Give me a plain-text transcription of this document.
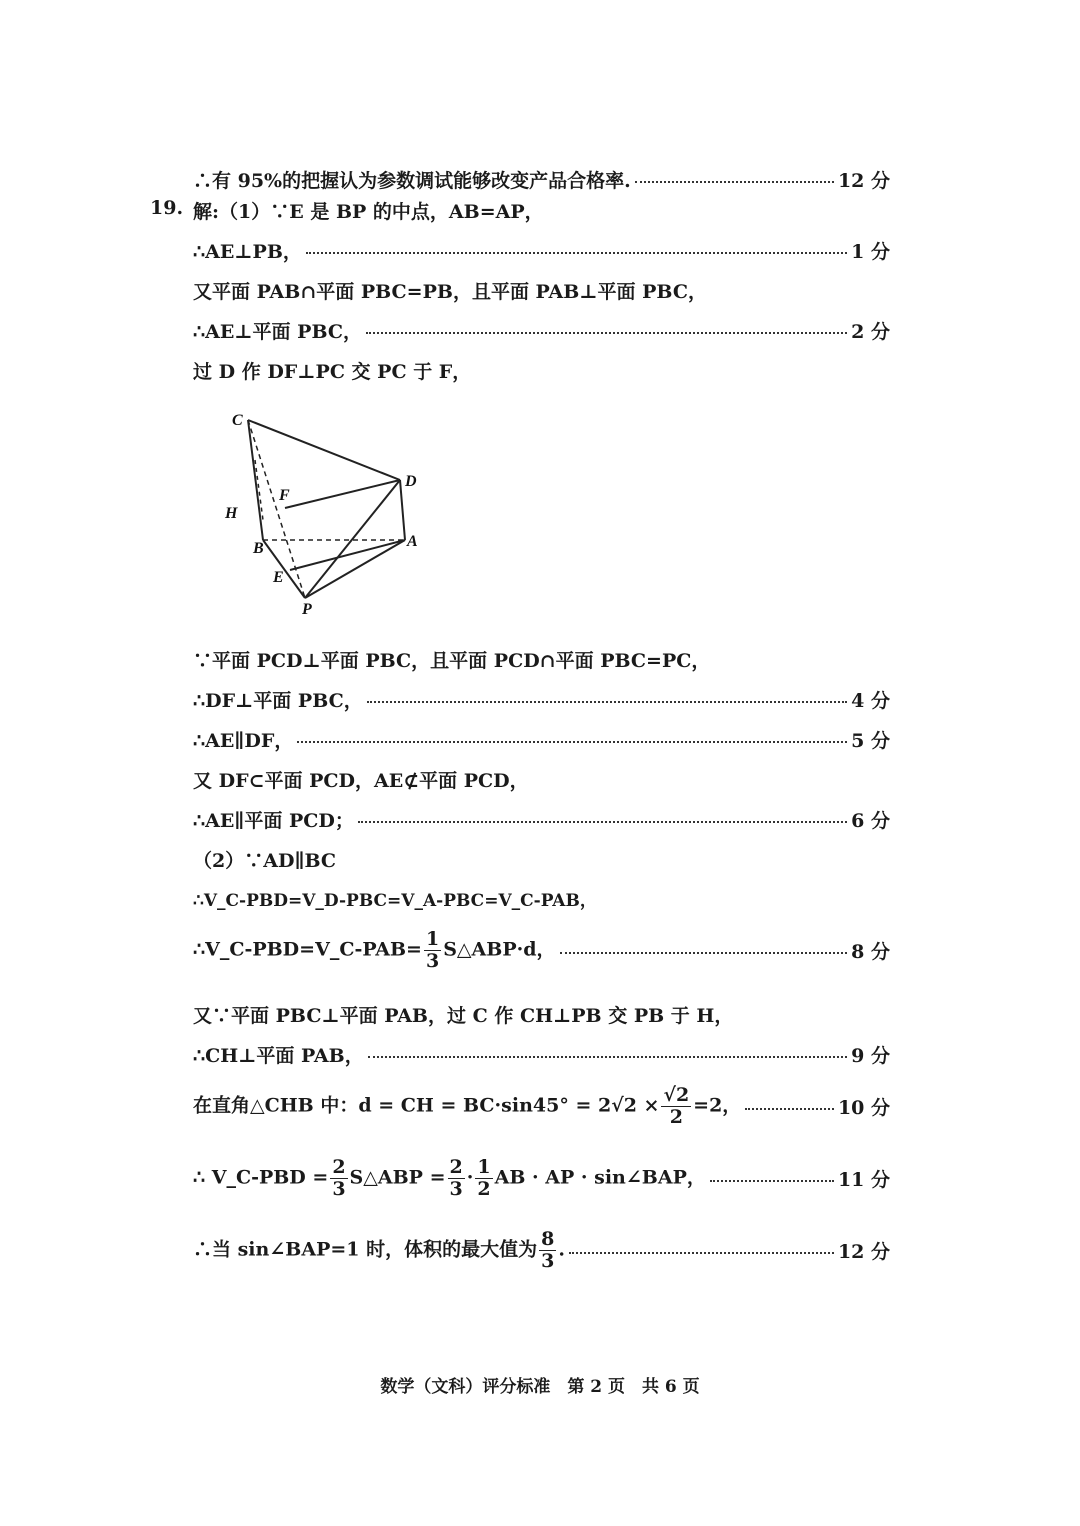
∴有 95%的把握认为参数调试能够改变产品合格率.	12 分
19. 解:（1）∵E 是 BP 的中点，AB=AP，
∴AE⊥PB，	1 分
又平面 PAB∩平面 PBC=PB，且平面 PAB⊥平面 PBC，
∴AE⊥平面 PBC，	2 分
过 D 作 DF⊥PC 交 PC 于 F，
C
D
H
F
B	A
E
P
∵平面 PCD⊥平面 PBC，且平面 PCD∩平面 PBC=PC，
∴DF⊥平面 PBC，	4 分
∴AE∥DF，	5 分
又 DF⊂平面 PCD，AE⊄平面 PCD，
∴AE∥平面 PCD；	6 分
（2）∵AD∥BC
∴V_C-PBD=V_D-PBC=V_A-PBC=V_C-PAB，
∴V_C-PBD=V_C-PAB= $\frac{1}{3}$ S△ABP·d，	8 分
又∵平面 PBC⊥平面 PAB，过 C 作 CH⊥PB 交 PB 于 H，
∴CH⊥平面 PAB，	9 分
在直角△CHB 中：d = CH = $BC\cdot\sin 45^\circ = 2√2 \times \frac{√2}{2} =2$，	10 分
∴ V_C-PBD = $\frac{2}{3}$ S△ABP = $\frac{2}{3} \cdot \frac{1}{2}$ AB · AP · sin∠BAP，	11 分
∴当 sin∠BAP=1 时，体积的最大值为 $\frac{8}{3}$ .	12 分
数学（文科）评分标准　第 2 页　共 6 页
